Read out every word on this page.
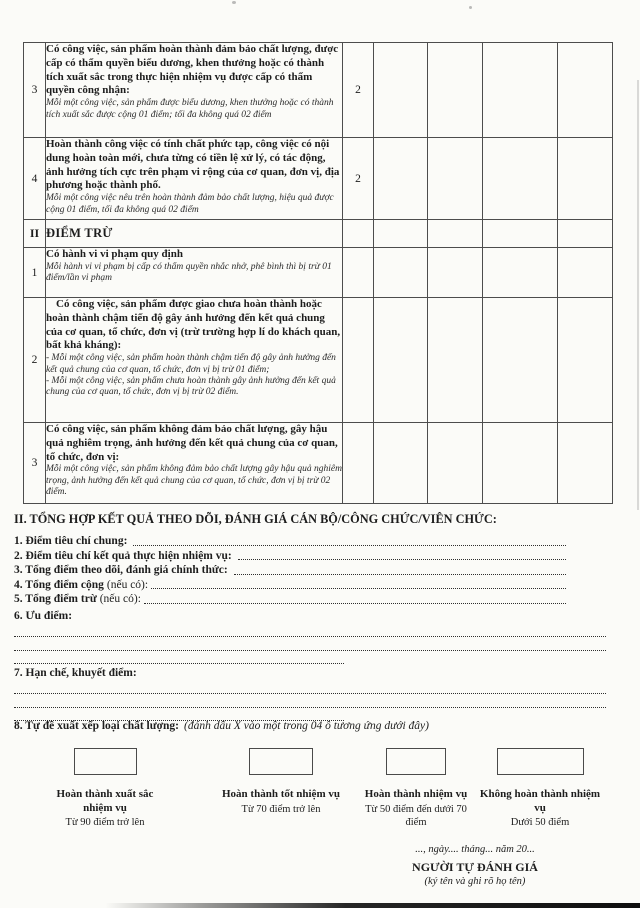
3	Có công việc, sản phẩm hoàn thành đảm bảo chất lượng, được cấp có thẩm quyền biểu dương, khen thưởng hoặc có thành tích xuất sắc trong thực hiện nhiệm vụ được cấp có thẩm quyền công nhận:
Mỗi một công việc, sản phẩm được biểu dương, khen thưởng hoặc có thành tích xuất sắc được cộng 01 điểm; tối đa không quá 02 điểm	2				
4	Hoàn thành công việc có tính chất phức tạp, công việc có nội dung hoàn toàn mới, chưa từng có tiền lệ xử lý, có tác động, ảnh hưởng tích cực trên phạm vi rộng của cơ quan, đơn vị, địa phương hoặc thành phố.
Mỗi một công việc nêu trên hoàn thành đảm bảo chất lượng, hiệu quả được cộng 01 điểm, tối đa không quá 02 điểm	2				
II	ĐIỂM TRỪ					

1	Có hành vi vi phạm quy định
Mỗi hành vi vi phạm bị cấp có thẩm quyền nhắc nhở, phê bình thì bị trừ 01 điểm/lần vi phạm					

2	Có công việc, sản phẩm được giao chưa hoàn thành hoặc hoàn thành chậm tiến độ gây ảnh hưởng đến kết quả chung của cơ quan, tổ chức, đơn vị (trừ trường hợp lí do khách quan, bất khả kháng):
- Mỗi một công việc, sản phẩm hoàn thành chậm tiến độ gây ảnh hưởng đến kết quả chung của cơ quan, tổ chức, đơn vị bị trừ 01 điểm;
- Mỗi một công việc, sản phẩm chưa hoàn thành gây ảnh hưởng đến kết quả chung của cơ quan, tổ chức, đơn vị bị trừ 02 điểm.					

3	Có công việc, sản phẩm không đảm bảo chất lượng, gây hậu quả nghiêm trọng, ảnh hưởng đến kết quả chung của cơ quan, tổ chức, đơn vị:
Mỗi một công việc, sản phẩm không đảm bảo chất lượng gây hậu quả nghiêm trọng, ảnh hưởng đến kết quả chung của cơ quan, tổ chức, đơn vị bị trừ 02 điểm.					

II. TỔNG HỢP KẾT QUẢ THEO DÕI, ĐÁNH GIÁ CÁN BỘ/CÔNG CHỨC/VIÊN CHỨC:
1. Điểm tiêu chí chung:
2. Điểm tiêu chí kết quả thực hiện nhiệm vụ:
3. Tổng điểm theo dõi, đánh giá chính thức:
4. Tổng điểm cộng (nếu có):
5. Tổng điểm trừ (nếu có):
6. Ưu điểm:
7. Hạn chế, khuyết điểm:
8. Tự đề xuất xếp loại chất lượng: (đánh dấu X vào một trong 04 ô tương ứng dưới đây)
Hoàn thành xuất sắc nhiệm vụ
Từ 90 điểm trở lên
Hoàn thành tốt nhiệm vụ
Từ 70 điểm trở lên
Hoàn thành nhiệm vụ
Từ 50 điểm đến dưới 70 điểm
Không hoàn thành nhiệm vụ
Dưới 50 điểm
..., ngày.... tháng... năm 20...
NGƯỜI TỰ ĐÁNH GIÁ
(ký tên và ghi rõ họ tên)
